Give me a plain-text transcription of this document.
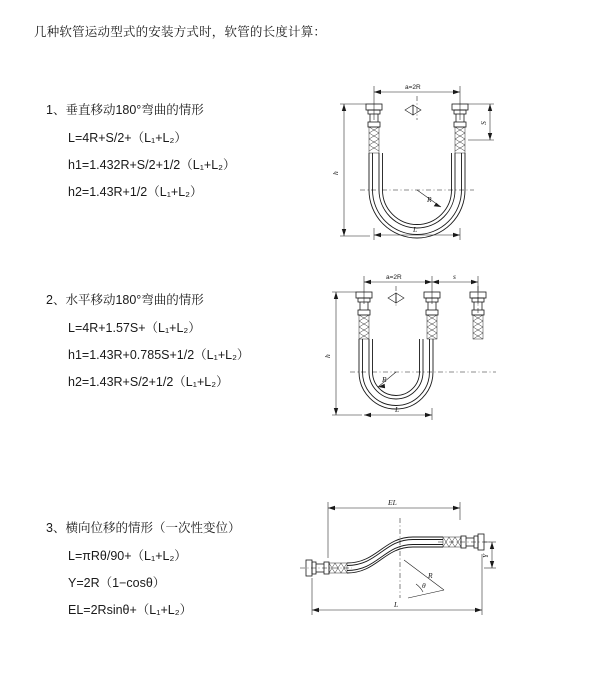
几种软管运动型式的安装方式时，软管的长度计算：
1、垂直移动180°弯曲的情形
L=4R+S/2+（L₁+L₂）
h1=1.432R+S/2+1/2（L₁+L₂）
h2=1.43R+1/2（L₁+L₂）
a=2R
R
L
h
S
2、水平移动180°弯曲的情形
L=4R+1.57S+（L₁+L₂）
h1=1.43R+0.785S+1/2（L₁+L₂）
h2=1.43R+S/2+1/2（L₁+L₂）
a=2R	s
R
h
L
3、横向位移的情形（一次性变位）
L=πRθ/90+（L₁+L₂）
Y=2R（1−cosθ）
EL=2Rsinθ+（L₁+L₂）
EL
θ
R
Y
L
